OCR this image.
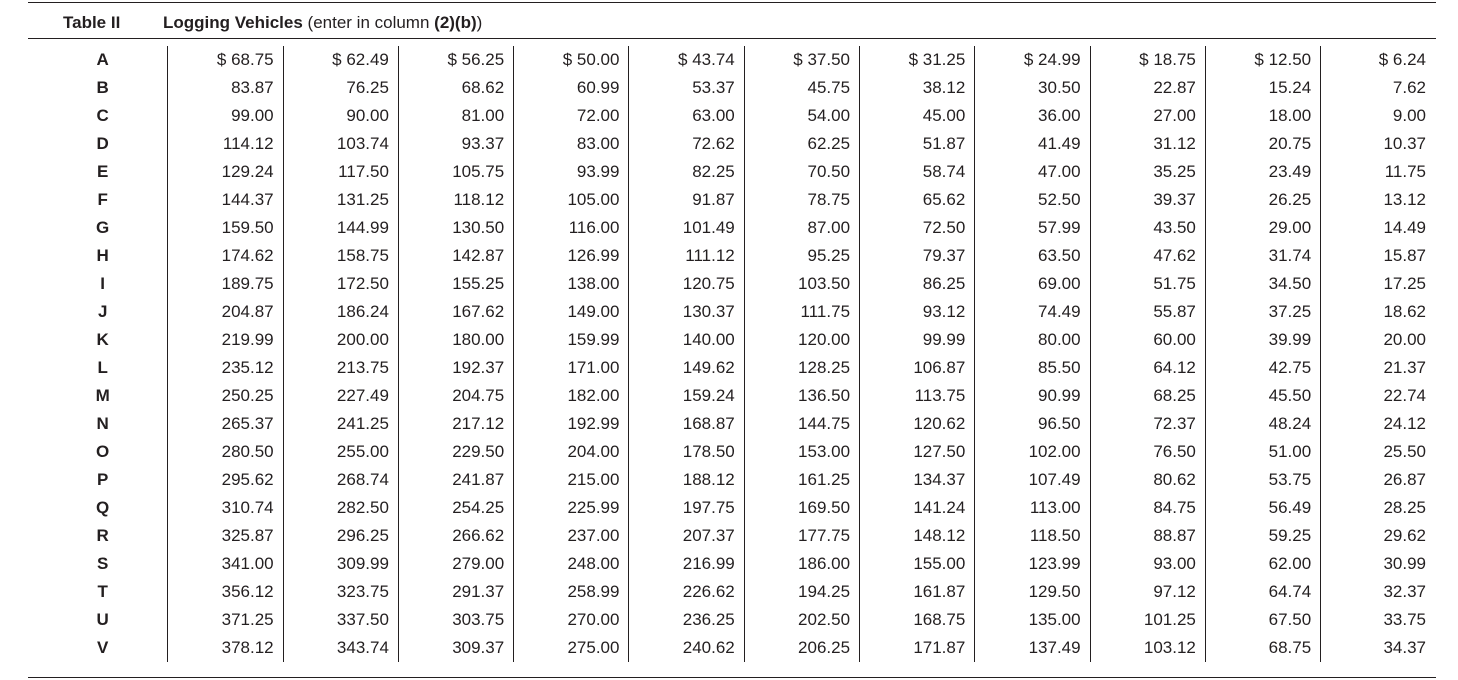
Table II	Logging Vehicles (enter in column (2)(b))
A	$ 68.75	$ 62.49	$ 56.25	$ 50.00	$ 43.74	$ 37.50	$ 31.25	$ 24.99	$ 18.75	$ 12.50	$ 6.24
B	83.87	76.25	68.62	60.99	53.37	45.75	38.12	30.50	22.87	15.24	7.62
C	99.00	90.00	81.00	72.00	63.00	54.00	45.00	36.00	27.00	18.00	9.00
D	114.12	103.74	93.37	83.00	72.62	62.25	51.87	41.49	31.12	20.75	10.37
E	129.24	117.50	105.75	93.99	82.25	70.50	58.74	47.00	35.25	23.49	11.75
F	144.37	131.25	118.12	105.00	91.87	78.75	65.62	52.50	39.37	26.25	13.12
G	159.50	144.99	130.50	116.00	101.49	87.00	72.50	57.99	43.50	29.00	14.49
H	174.62	158.75	142.87	126.99	111.12	95.25	79.37	63.50	47.62	31.74	15.87
I	189.75	172.50	155.25	138.00	120.75	103.50	86.25	69.00	51.75	34.50	17.25
J	204.87	186.24	167.62	149.00	130.37	111.75	93.12	74.49	55.87	37.25	18.62
K	219.99	200.00	180.00	159.99	140.00	120.00	99.99	80.00	60.00	39.99	20.00
L	235.12	213.75	192.37	171.00	149.62	128.25	106.87	85.50	64.12	42.75	21.37
M	250.25	227.49	204.75	182.00	159.24	136.50	113.75	90.99	68.25	45.50	22.74
N	265.37	241.25	217.12	192.99	168.87	144.75	120.62	96.50	72.37	48.24	24.12
O	280.50	255.00	229.50	204.00	178.50	153.00	127.50	102.00	76.50	51.00	25.50
P	295.62	268.74	241.87	215.00	188.12	161.25	134.37	107.49	80.62	53.75	26.87
Q	310.74	282.50	254.25	225.99	197.75	169.50	141.24	113.00	84.75	56.49	28.25
R	325.87	296.25	266.62	237.00	207.37	177.75	148.12	118.50	88.87	59.25	29.62
S	341.00	309.99	279.00	248.00	216.99	186.00	155.00	123.99	93.00	62.00	30.99
T	356.12	323.75	291.37	258.99	226.62	194.25	161.87	129.50	97.12	64.74	32.37
U	371.25	337.50	303.75	270.00	236.25	202.50	168.75	135.00	101.25	67.50	33.75
V	378.12	343.74	309.37	275.00	240.62	206.25	171.87	137.49	103.12	68.75	34.37
